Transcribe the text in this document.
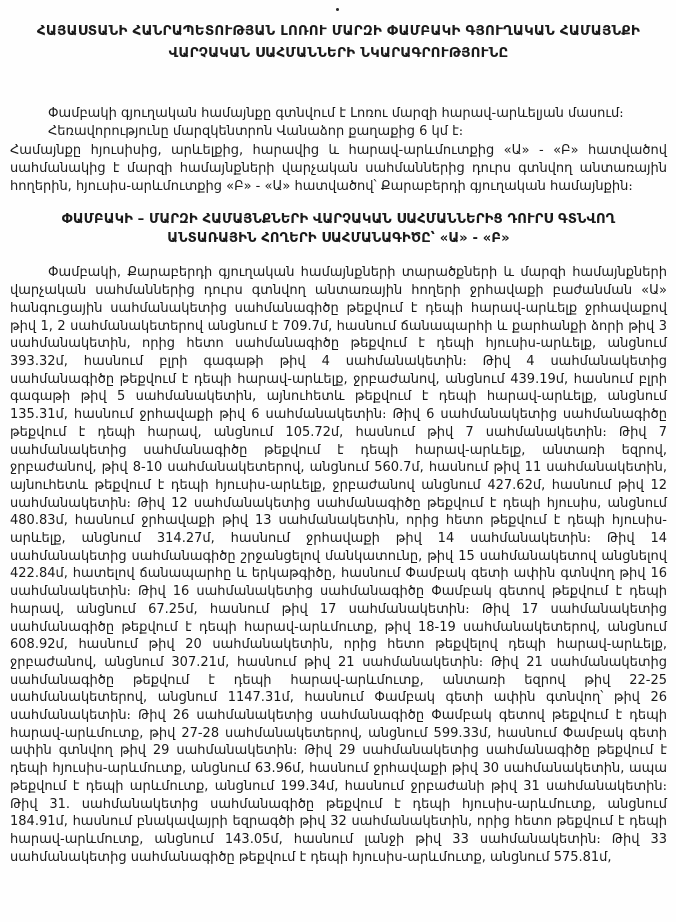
ՀԱՅԱՍՏԱՆԻ ՀԱՆՐԱՊԵՏՈՒԹՅԱՆ ԼՈՌՈՒ ՄԱՐԶԻ ՓԱՄԲԱԿԻ ԳՅՈՒՂԱԿԱՆ ՀԱՄԱՅՆՔԻ
ՎԱՐՉԱԿԱՆ ՍԱՀՄԱՆՆԵՐԻ ՆԿԱՐԱԳՐՈՒԹՅՈՒՆԸ

Փամբակի գյուղական համայնքը գտնվում է Լոռու մարզի հարավ-արևելյան մասում։

Հեռավորությունը մարզկենտրոն Վանաձոր քաղաքից 6 կմ է։

Համայնքը հյուսիսից, արևելքից, հարավից և հարավ-արևմուտքից «Ա» - «Բ» հատվածով սահմանակից է մարզի համայնքների վարչական սահմաններից դուրս գտնվող անտառային հողերին, հյուսիս-արևմուտքից «Բ» - «Ա» հատվածով՝ Քարաբերդի գյուղական համայնքին։

ՓԱՄԲԱԿԻ – ՄԱՐԶԻ ՀԱՄԱՅՆՔՆԵՐԻ ՎԱՐՉԱԿԱՆ ՍԱՀՄԱՆՆԵՐԻՑ ԴՈՒՐՍ ԳՏՆՎՈՂ
ԱՆՏԱՌԱՅԻՆ ՀՈՂԵՐԻ ՍԱՀՄԱՆԱԳԻԾԸ՝ «Ա» - «Բ»

Փամբակի, Քարաբերդի գյուղական համայնքների տարածքների և մարզի համայնքների վարչական սահմաններից դուրս գտնվող անտառային հողերի ջրհավաքի բաժանման «Ա» հանգուցային սահմանակետից սահմանագիծը թեքվում է դեպի հարավ-արևելք ջրհավաքով թիվ 1, 2 սահմանակետերով անցնում է 709.7մ, հասնում ճանապարհի և քարհանքի ձորի թիվ 3 սահմանակետին, որից հետո սահմանագիծը թեքվում է դեպի հյուսիս-արևելք, անցնում 393.32մ, հասնում բլրի գագաթի թիվ 4 սահմանակետին։ Թիվ 4 սահմանակետից սահմանագիծը թեքվում է դեպի հարավ-արևելք, ջրբաժանով, անցնում 439.19մ, հասնում բլրի գագաթի թիվ 5 սահմանակետին, այնուհետև թեքվում է դեպի հարավ-արևելք, անցնում 135.31մ, հասնում ջրհավաքի թիվ 6 սահմանակետին։ Թիվ 6 սահմանակետից սահմանագիծը թեքվում է դեպի հարավ, անցնում 105.72մ, հասնում թիվ 7 սահմանակետին։ Թիվ 7 սահմանակետից սահմանագիծը թեքվում է դեպի հարավ-արևելք, անտառի եզրով, ջրբաժանով, թիվ 8-10 սահմանակետերով, անցնում 560.7մ, հասնում թիվ 11 սահմանակետին, այնուհետև թեքվում է դեպի հյուսիս-արևելք, ջրբաժանով անցնում 427.62մ, հասնում թիվ 12 սահմանակետին։ Թիվ 12 սահմանակետից սահմանագիծը թեքվում է դեպի հյուսիս, անցնում 480.83մ, հասնում ջրհավաքի թիվ 13 սահմանակետին, որից հետո թեքվում է դեպի հյուսիս-արևելք, անցնում 314.27մ, հասնում ջրհավաքի թիվ 14 սահմանակետին։ Թիվ 14 սահմանակետից սահմանագիծը շրջանցելով մանկատունը, թիվ 15 սահմանակետով անցնելով 422.84մ, հատելով ճանապարհը և երկաթգիծը, հասնում Փամբակ գետի ափին գտնվող թիվ 16 սահմանակետին։ Թիվ 16 սահմանակետից սահմանագիծը Փամբակ գետով թեքվում է դեպի հարավ, անցնում 67.25մ, հասնում թիվ 17 սահմանակետին։ Թիվ 17 սահմանակետից սահմանագիծը թեքվում է դեպի հարավ-արևմուտք, թիվ 18-19 սահմանակետերով, անցնում 608.92մ, հասնում թիվ 20 սահմանակետին, որից հետո թեքվելով դեպի հարավ-արևելք, ջրբաժանով, անցնում 307.21մ, հասնում թիվ 21 սահմանակետին։ Թիվ 21 սահմանակետից սահմանագիծը թեքվում է դեպի հարավ-արևմուտք, անտառի եզրով թիվ 22-25 սահմանակետերով, անցնում 1147.31մ, հասնում Փամբակ գետի ափին գտնվող՝ թիվ 26 սահմանակետին։ Թիվ 26 սահմանակետից սահմանագիծը Փամբակ գետով թեքվում է դեպի հարավ-արևմուտք, թիվ 27-28 սահմանակետերով, անցնում 599.33մ, հասնում Փամբակ գետի ափին գտնվող թիվ 29 սահմանակետին։ Թիվ 29 սահմանակետից սահմանագիծը թեքվում է դեպի հյուսիս-արևմուտք, անցնում 63.96մ, հասնում ջրհավաքի թիվ 30 սահմանակետին, ապա թեքվում է դեպի արևմուտք, անցնում 199.34մ, հասնում ջրբաժանի թիվ 31 սահմանակետին։ Թիվ 31. սահմանակետից սահմանագիծը թեքվում է դեպի հյուսիս-արևմուտք, անցնում 184.91մ, հասնում բնակավայրի եզրագծի թիվ 32 սահմանակետին, որից հետո թեքվում է դեպի հարավ-արևմուտք, անցնում 143.05մ, հասնում լանջի թիվ 33 սահմանակետին։ Թիվ 33 սահմանակետից սահմանագիծը թեքվում է դեպի հյուսիս-արևմուտք, անցնում 575.81մ,
